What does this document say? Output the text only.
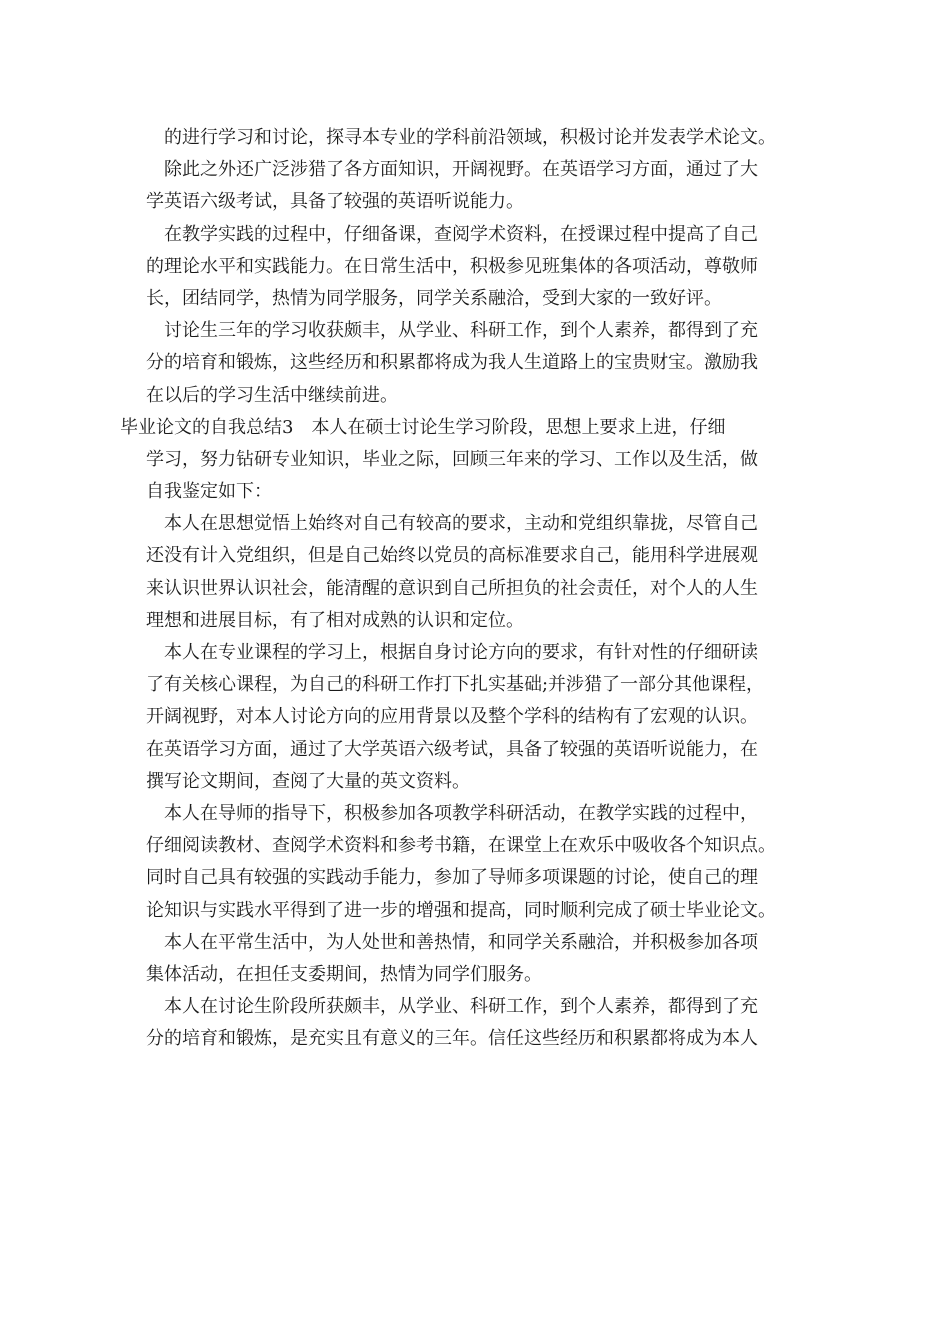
的进行学习和讨论，探寻本专业的学科前沿领域，积极讨论并发表学术论文。
除此之外还广泛涉猎了各方面知识，开阔视野。在英语学习方面，通过了大
学英语六级考试，具备了较强的英语听说能力。
在教学实践的过程中，仔细备课，查阅学术资料，在授课过程中提高了自己
的理论水平和实践能力。在日常生活中，积极参见班集体的各项活动，尊敬师
长，团结同学，热情为同学服务，同学关系融洽，受到大家的一致好评。
讨论生三年的学习收获颇丰，从学业、科研工作，到个人素养，都得到了充
分的培育和锻炼，这些经历和积累都将成为我人生道路上的宝贵财宝。激励我
在以后的学习生活中继续前进。
毕业论文的自我总结3　本人在硕士讨论生学习阶段，思想上要求上进，仔细
学习，努力钻研专业知识，毕业之际，回顾三年来的学习、工作以及生活，做
自我鉴定如下：
本人在思想觉悟上始终对自己有较高的要求，主动和党组织靠拢，尽管自己
还没有计入党组织，但是自己始终以党员的高标准要求自己，能用科学进展观
来认识世界认识社会，能清醒的意识到自己所担负的社会责任，对个人的人生
理想和进展目标，有了相对成熟的认识和定位。
本人在专业课程的学习上，根据自身讨论方向的要求，有针对性的仔细研读
了有关核心课程，为自己的科研工作打下扎实基础;并涉猎了一部分其他课程，
开阔视野，对本人讨论方向的应用背景以及整个学科的结构有了宏观的认识。
在英语学习方面，通过了大学英语六级考试，具备了较强的英语听说能力，在
撰写论文期间，查阅了大量的英文资料。
本人在导师的指导下，积极参加各项教学科研活动，在教学实践的过程中，
仔细阅读教材、查阅学术资料和参考书籍，在课堂上在欢乐中吸收各个知识点。
同时自己具有较强的实践动手能力，参加了导师多项课题的讨论，使自己的理
论知识与实践水平得到了进一步的增强和提高，同时顺利完成了硕士毕业论文。
本人在平常生活中，为人处世和善热情，和同学关系融洽，并积极参加各项
集体活动，在担任支委期间，热情为同学们服务。
本人在讨论生阶段所获颇丰，从学业、科研工作，到个人素养，都得到了充
分的培育和锻炼，是充实且有意义的三年。信任这些经历和积累都将成为本人
